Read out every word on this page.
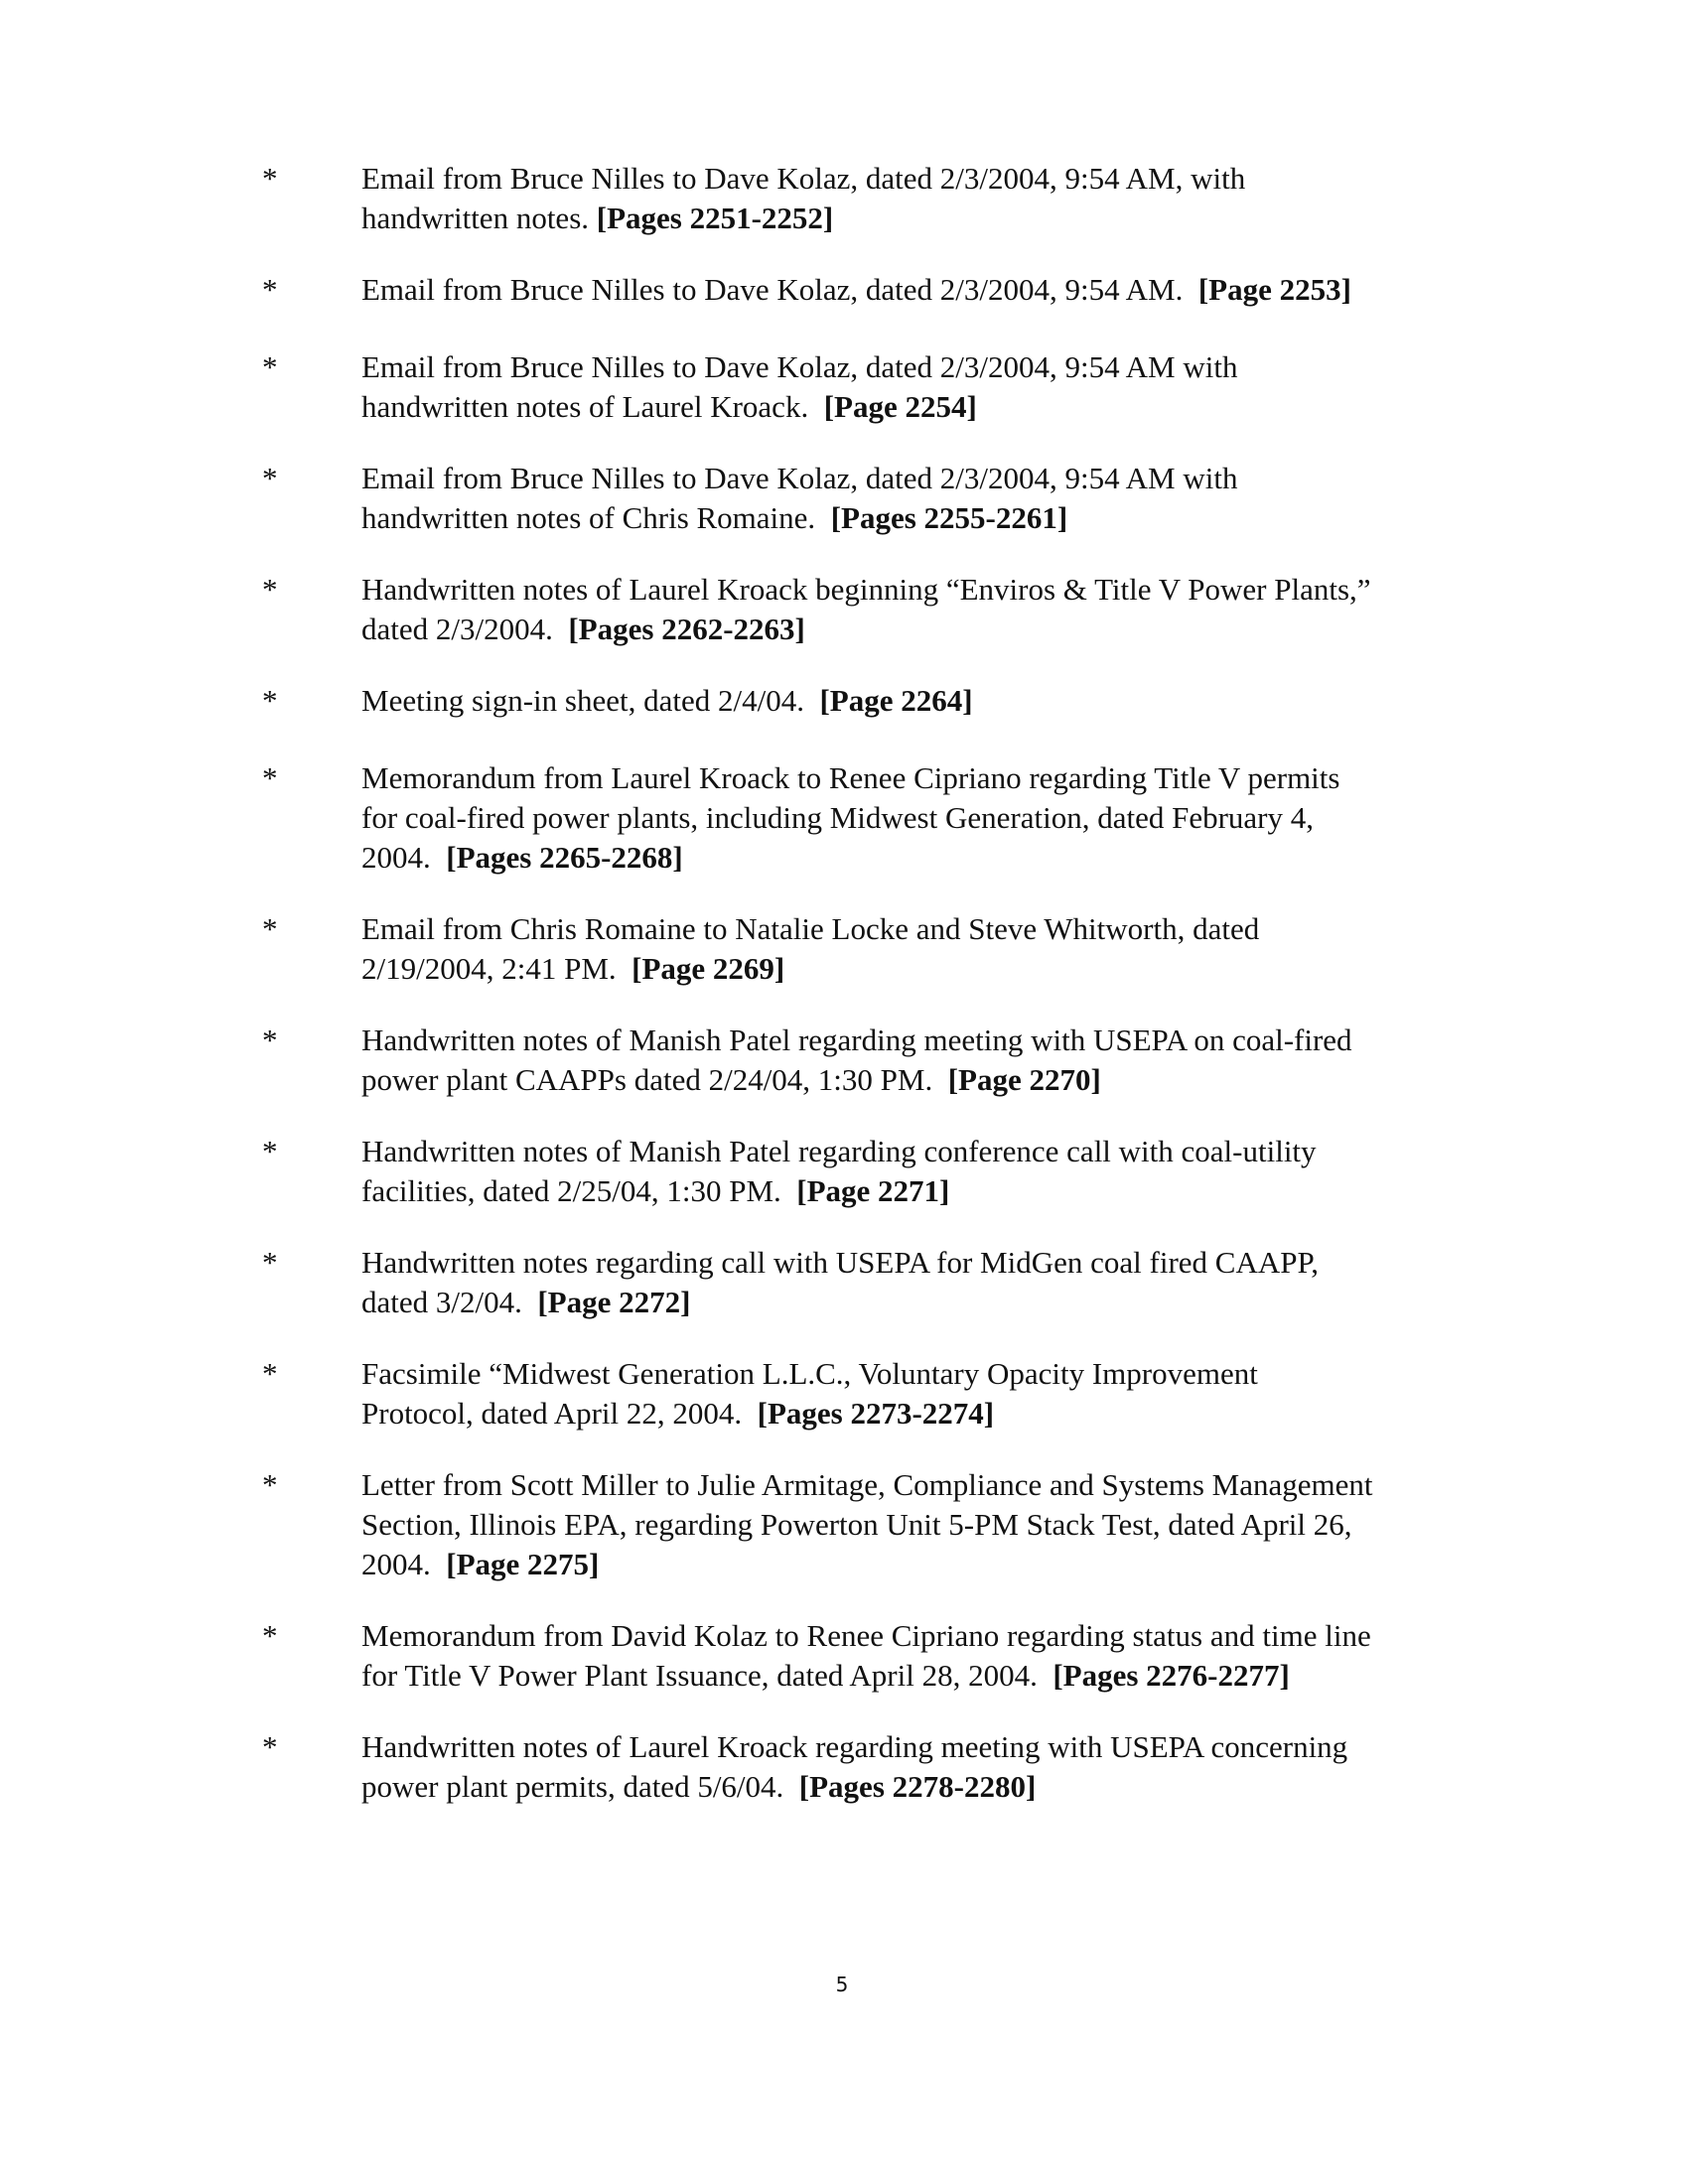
*	Email from Bruce Nilles to Dave Kolaz, dated 2/3/2004, 9:54 AM, with
handwritten notes. [Pages 2251-2252]
*	Email from Bruce Nilles to Dave Kolaz, dated 2/3/2004, 9:54 AM.  [Page 2253]
*	Email from Bruce Nilles to Dave Kolaz, dated 2/3/2004, 9:54 AM with
handwritten notes of Laurel Kroack.  [Page 2254]
*	Email from Bruce Nilles to Dave Kolaz, dated 2/3/2004, 9:54 AM with
handwritten notes of Chris Romaine.  [Pages 2255-2261]
*	Handwritten notes of Laurel Kroack beginning “Enviros & Title V Power Plants,”
dated 2/3/2004.  [Pages 2262-2263]
*	Meeting sign-in sheet, dated 2/4/04.  [Page 2264]
*	Memorandum from Laurel Kroack to Renee Cipriano regarding Title V permits
for coal-fired power plants, including Midwest Generation, dated February 4,
2004.  [Pages 2265-2268]
*	Email from Chris Romaine to Natalie Locke and Steve Whitworth, dated
2/19/2004, 2:41 PM.  [Page 2269]
*	Handwritten notes of Manish Patel regarding meeting with USEPA on coal-fired
power plant CAAPPs dated 2/24/04, 1:30 PM.  [Page 2270]
*	Handwritten notes of Manish Patel regarding conference call with coal-utility
facilities, dated 2/25/04, 1:30 PM.  [Page 2271]
*	Handwritten notes regarding call with USEPA for MidGen coal fired CAAPP,
dated 3/2/04.  [Page 2272]
*	Facsimile “Midwest Generation L.L.C., Voluntary Opacity Improvement
Protocol, dated April 22, 2004.  [Pages 2273-2274]
*	Letter from Scott Miller to Julie Armitage, Compliance and Systems Management
Section, Illinois EPA, regarding Powerton Unit 5-PM Stack Test, dated April 26,
2004.  [Page 2275]
*	Memorandum from David Kolaz to Renee Cipriano regarding status and time line
for Title V Power Plant Issuance, dated April 28, 2004.  [Pages 2276-2277]
*	Handwritten notes of Laurel Kroack regarding meeting with USEPA concerning
power plant permits, dated 5/6/04.  [Pages 2278-2280]
5
